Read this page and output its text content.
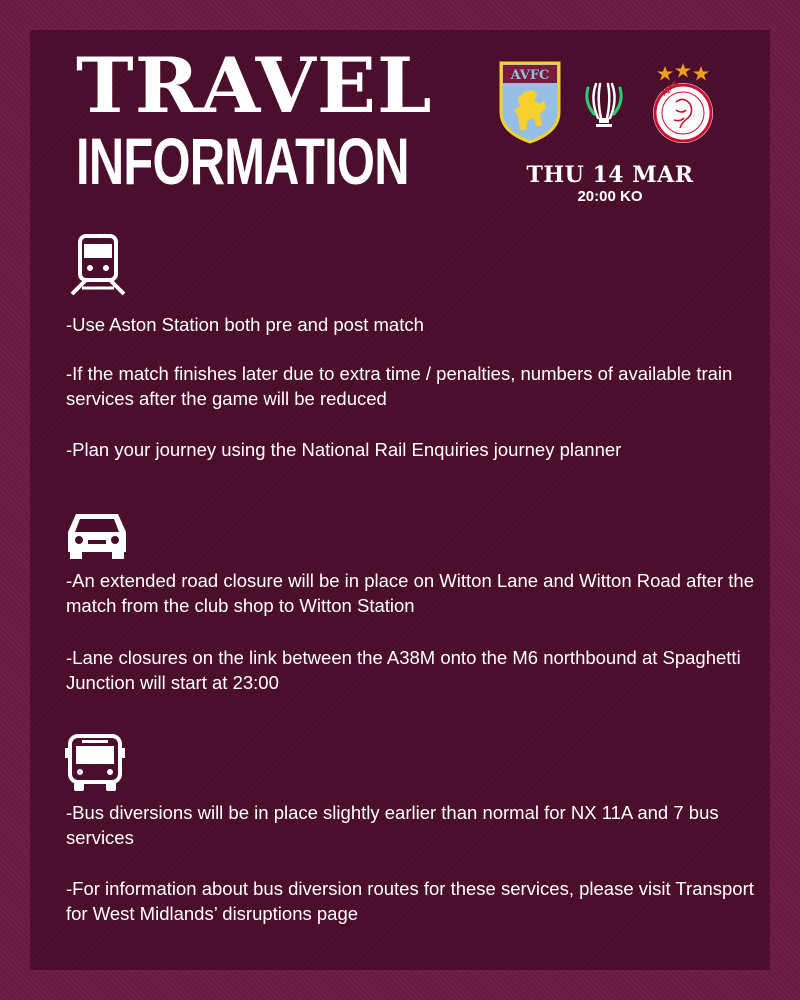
TRAVEL
INFORMATION
AVFC
AJAX
THU 14 MAR
20:00 KO

-Use Aston Station both pre and post match

-If the match finishes later due to extra time / penalties, numbers of available train services after the game will be reduced

-Plan your journey using the National Rail Enquiries journey planner

-An extended road closure will be in place on Witton Lane and Witton Road after the match from the club shop to Witton Station

-Lane closures on the link between the A38M onto the M6 northbound at Spaghetti Junction will start at 23:00

-Bus diversions will be in place slightly earlier than normal for NX 11A and 7 bus services

-For information about bus diversion routes for these services, please visit Transport for West Midlands’ disruptions page
